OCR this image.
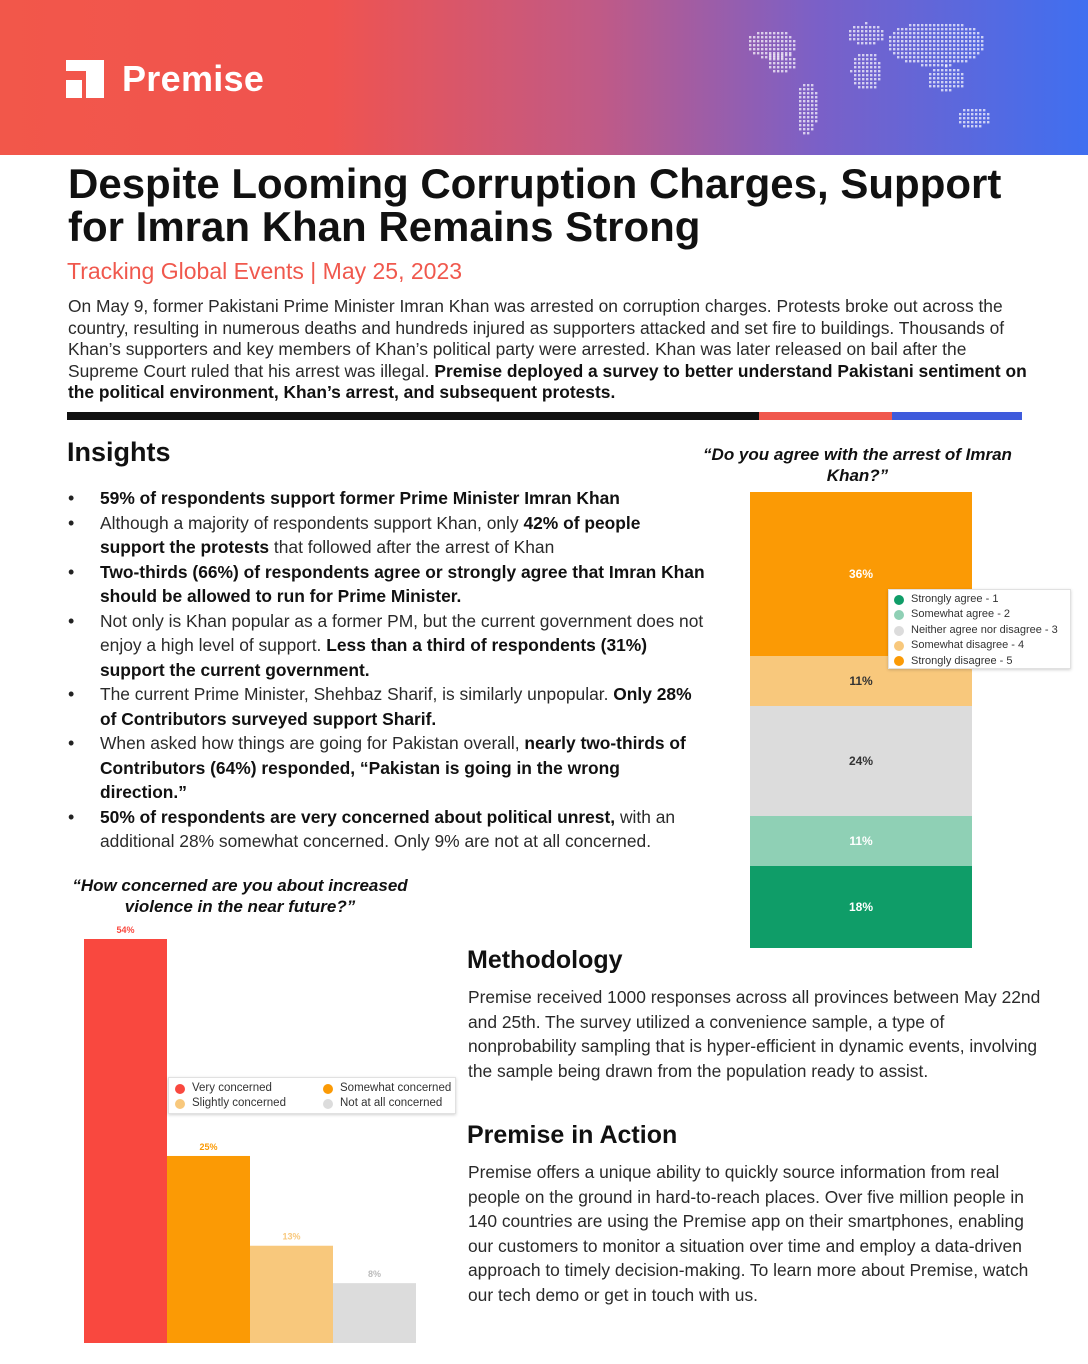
Premise
Despite Looming Corruption Charges, Support for Imran Khan Remains Strong
Tracking Global Events | May 25, 2023

On May 9, former Pakistani Prime Minister Imran Khan was arrested on corruption charges. Protests broke out across the country, resulting in numerous deaths and hundreds injured as supporters attacked and set fire to buildings. Thousands of Khan’s supporters and key members of Khan’s political party were arrested. Khan was later released on bail after the Supreme Court ruled that his arrest was illegal. Premise deployed a survey to better understand Pakistani sentiment on the political environment, Khan’s arrest, and subsequent protests.

Insights
• 59% of respondents support former Prime Minister Imran Khan
• Although a majority of respondents support Khan, only 42% of people support the protests that followed after the arrest of Khan
• Two-thirds (66%) of respondents agree or strongly agree that Imran Khan should be allowed to run for Prime Minister.
• Not only is Khan popular as a former PM, but the current government does not enjoy a high level of support. Less than a third of respondents (31%) support the current government.
• The current Prime Minister, Shehbaz Sharif, is similarly unpopular. Only 28% of Contributors surveyed support Sharif.
• When asked how things are going for Pakistan overall, nearly two-thirds of Contributors (64%) responded, “Pakistan is going in the wrong direction.”
• 50% of respondents are very concerned about political unrest, with an additional 28% somewhat concerned. Only 9% are not at all concerned.
“Do you agree with the arrest of Imran Khan?”
36%
11%
24%
11%
18%
Strongly agree - 1
Somewhat agree - 2
Neither agree nor disagree - 3
Somewhat disagree - 4
Strongly disagree - 5
“How concerned are you about increased violence in the near future?”
54%
25%
13%
8%
Very concerned	Somewhat concerned
Slightly concerned	Not at all concerned
Methodology

Premise received 1000 responses across all provinces between May 22nd and 25th. The survey utilized a convenience sample, a type of nonprobability sampling that is hyper-efficient in dynamic events, involving the sample being drawn from the population ready to assist.

Premise in Action

Premise offers a unique ability to quickly source information from real people on the ground in hard-to-reach places. Over five million people in 140 countries are using the Premise app on their smartphones, enabling our customers to monitor a situation over time and employ a data-driven approach to timely decision-making. To learn more about Premise, watch our tech demo or get in touch with us.
